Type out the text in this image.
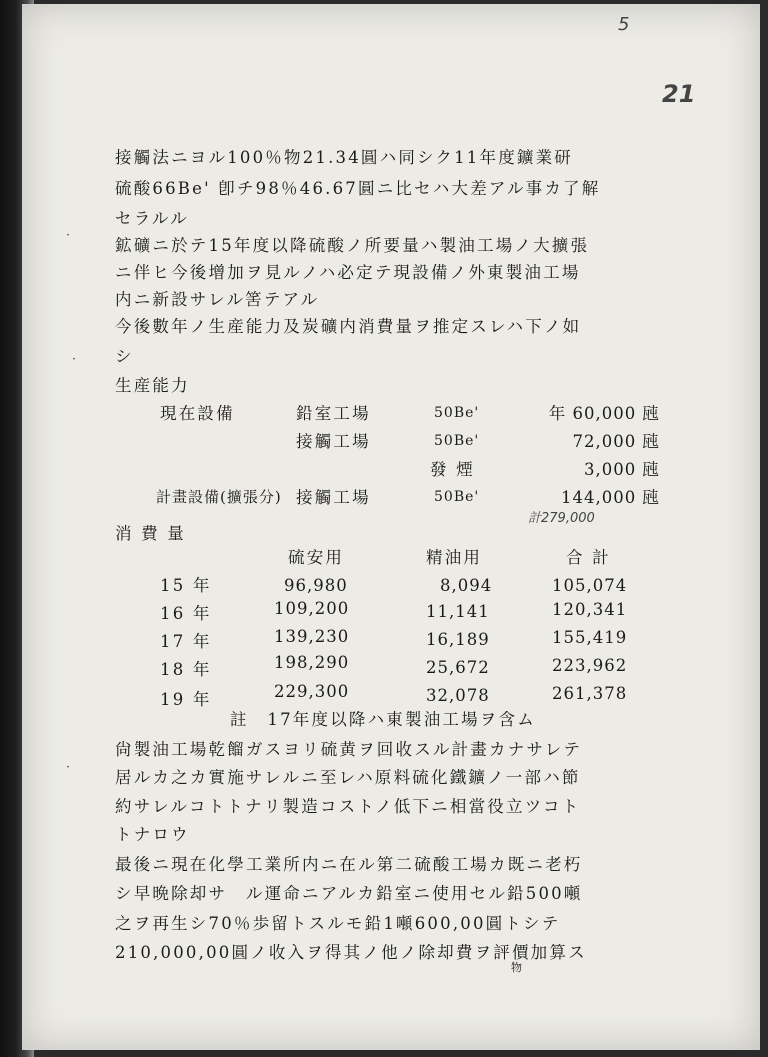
5
21
·
·
·
接觸法ニヨル100％物21.34圓ハ同シク11年度鑛業研
硫酸66Be' 卽チ98％46.67圓ニ比セハ大差アル事カ了解
セラルル
鉱礦ニ於テ15年度以降硫酸ノ所要量ハ製油工場ノ大擴張
ニ伴ヒ今後增加ヲ見ルノハ必定テ現設備ノ外東製油工場
内ニ新設サレル筈テアル
今後數年ノ生産能力及炭礦内消費量ヲ推定スレハ下ノ如
シ
生産能力
現在設備	鉛室工場	50Be'	年 60,000 瓲
接觸工場	50Be'	72,000 瓲
發 煙	3,000 瓲
計畫設備(擴張分) 接觸工場	50Be'	144,000 瓲
計279,000
消 費 量
硫安用	精油用	合 計
15 年	96,980	8,094	105,074
16 年	109,200	11,141	120,341
17 年	139,230	16,189	155,419
18 年	198,290	25,672	223,962
19 年	229,300	32,078	261,378
註　17年度以降ハ東製油工場ヲ含ム
尙製油工場乾餾ガスヨリ硫黄ヲ回收スル計畫カナサレテ
居ルカ之カ實施サレルニ至レハ原料硫化鐵鑛ノ一部ハ節
約サレルコトトナリ製造コストノ低下ニ相當役立ツコト
トナロウ
最後ニ現在化學工業所内ニ在ル第二硫酸工場カ既ニ老朽
シ早晩除却サ　ル運命ニアルカ鉛室ニ使用セル鉛500噸
之ヲ再生シ70％歩留トスルモ鉛1噸600,00圓トシテ
210,000,00圓ノ收入ヲ得其ノ他ノ除却費ヲ評價加算ス
物
